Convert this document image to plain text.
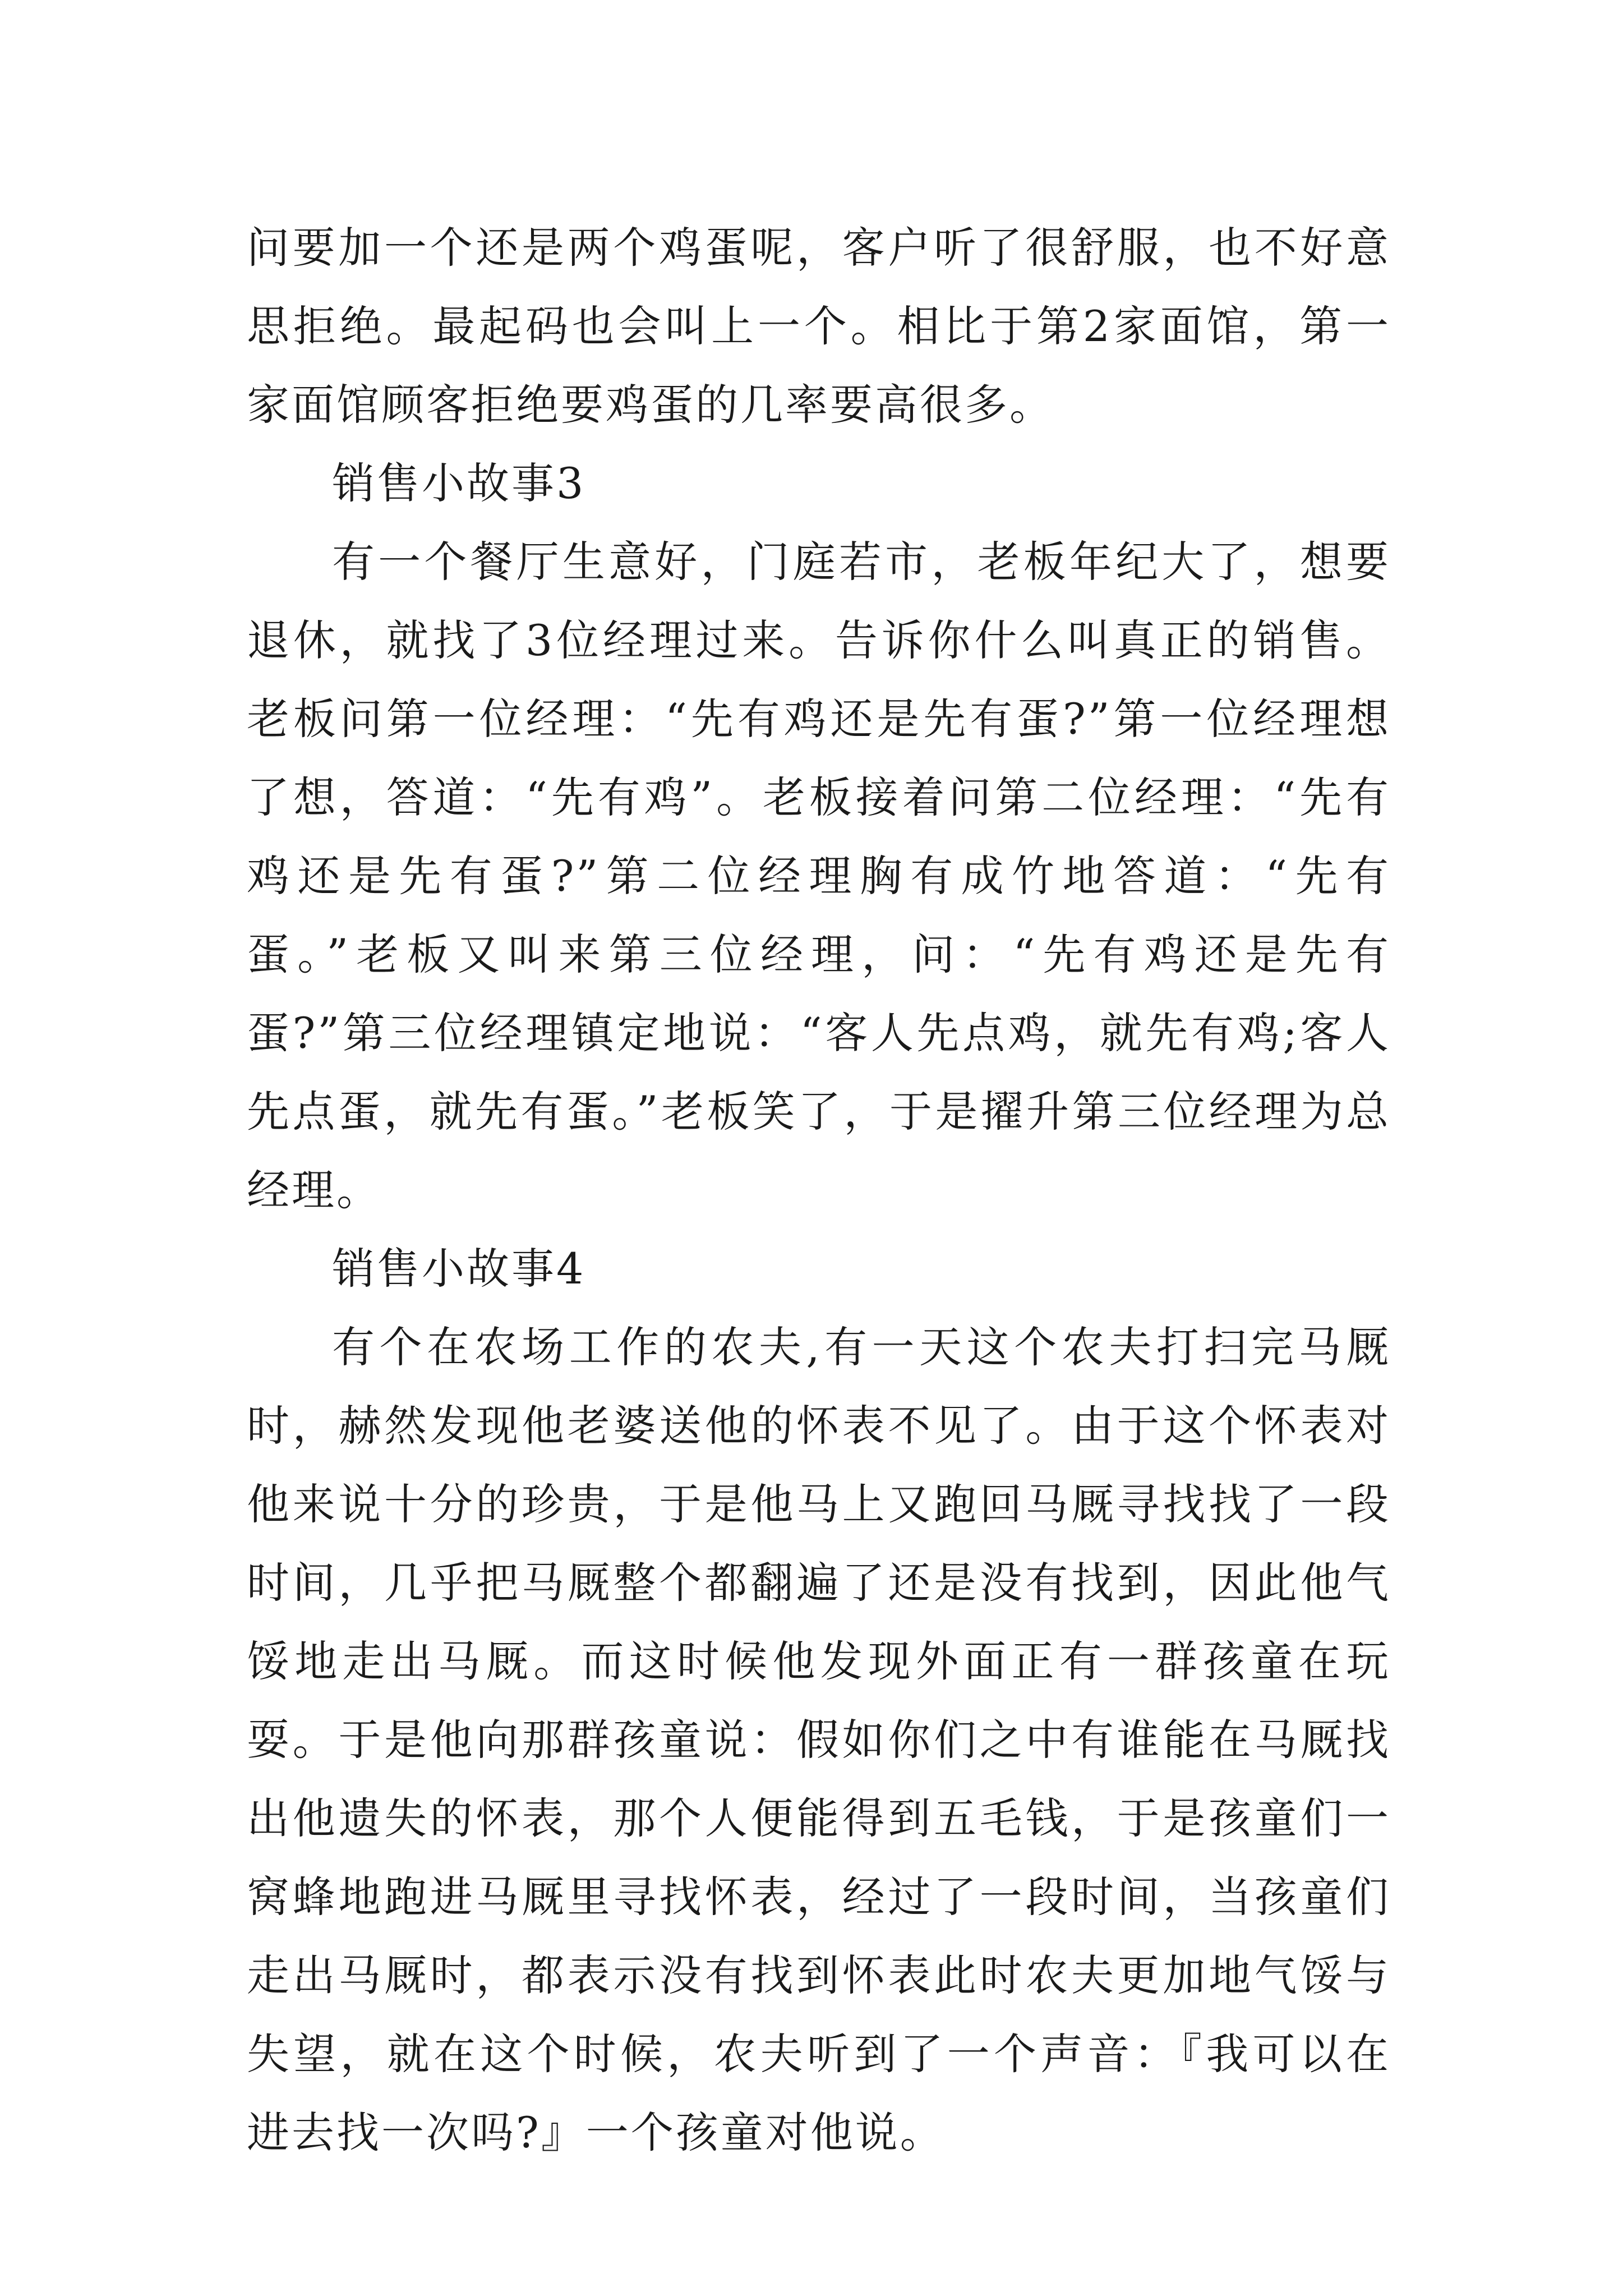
问要加一个还是两个鸡蛋呢，客户听了很舒服，也不好意思拒绝。最起码也会叫上一个。相比于第2家面馆，第一家面馆顾客拒绝要鸡蛋的几率要高很多。

销售小故事3

有一个餐厅生意好，门庭若市，老板年纪大了，想要退休，就找了3位经理过来。告诉你什么叫真正的销售。老板问第一位经理：“先有鸡还是先有蛋?”第一位经理想了想，答道：“先有鸡”。老板接着问第二位经理：“先有鸡还是先有蛋?”第二位经理胸有成竹地答道：“先有蛋。”老板又叫来第三位经理，问：“先有鸡还是先有蛋?”第三位经理镇定地说：“客人先点鸡，就先有鸡;客人先点蛋，就先有蛋。”老板笑了，于是擢升第三位经理为总经理。

销售小故事4

有个在农场工作的农夫,有一天这个农夫打扫完马厩时，赫然发现他老婆送他的怀表不见了。由于这个怀表对他来说十分的珍贵，于是他马上又跑回马厩寻找找了一段时间，几乎把马厩整个都翻遍了还是没有找到，因此他气馁地走出马厩。而这时候他发现外面正有一群孩童在玩耍。于是他向那群孩童说：假如你们之中有谁能在马厩找出他遗失的怀表，那个人便能得到五毛钱，于是孩童们一窝蜂地跑进马厩里寻找怀表，经过了一段时间，当孩童们走出马厩时，都表示没有找到怀表此时农夫更加地气馁与失望，就在这个时候，农夫听到了一个声音：『我可以在进去找一次吗?』一个孩童对他说。
